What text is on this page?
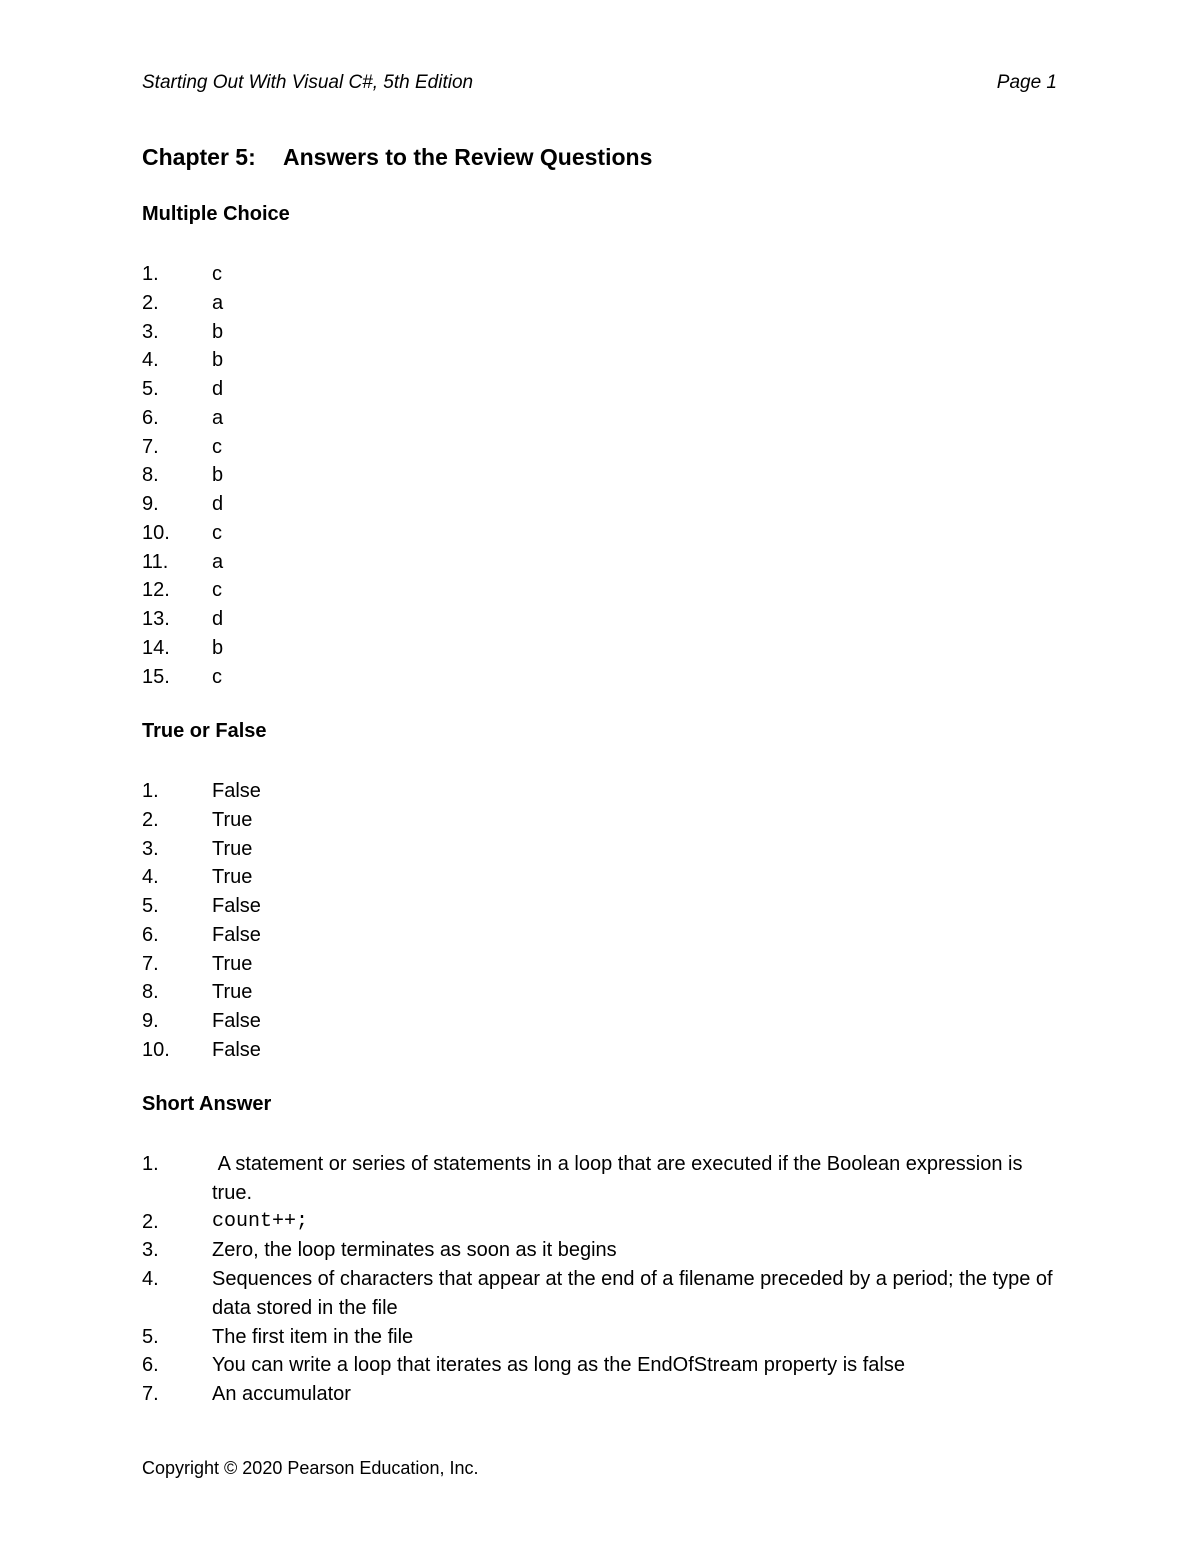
Starting Out With Visual C#, 5th Edition	Page 1
Chapter 5: Answers to the Review Questions
Multiple Choice
1.	c
2.	a
3.	b
4.	b
5.	d
6.	a
7.	c
8.	b
9.	d
10.	c
11.	a
12.	c
13.	d
14.	b
15.	c
True or False
1.	False
2.	True
3.	True
4.	True
5.	False
6.	False
7.	True
8.	True
9.	False
10.	False
Short Answer
1.	A statement or series of statements in a loop that are executed if the Boolean expression is true.
2.	count++;
3.	Zero, the loop terminates as soon as it begins
4.	Sequences of characters that appear at the end of a filename preceded by a period; the type of data stored in the file
5.	The first item in the file
6.	You can write a loop that iterates as long as the EndOfStream property is false
7.	An accumulator
Copyright © 2020 Pearson Education, Inc.
